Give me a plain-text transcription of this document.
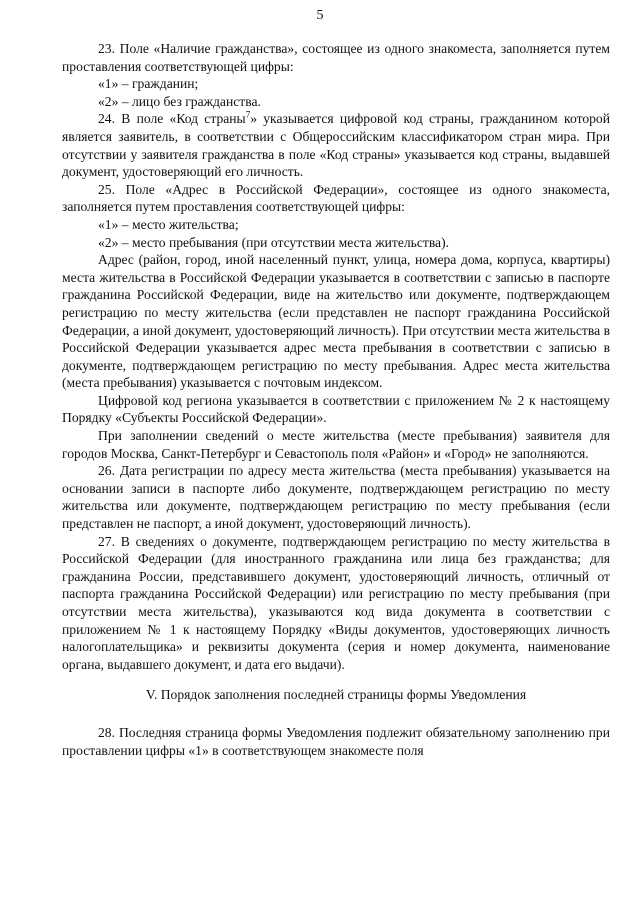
5

23. Поле «Наличие гражданства», состоящее из одного знакоместа, заполняется путем проставления соответствующей цифры:

«1» – гражданин;

«2» – лицо без гражданства.

24. В поле «Код страны$^7$» указывается цифровой код страны, гражданином которой является заявитель, в соответствии с Общероссийским классификатором стран мира. При отсутствии у заявителя гражданства в поле «Код страны» указывается код страны, выдавшей документ, удостоверяющий его личность.

25. Поле «Адрес в Российской Федерации», состоящее из одного знакоместа, заполняется путем проставления соответствующей цифры:

«1» – место жительства;

«2» – место пребывания (при отсутствии места жительства).

Адрес (район, город, иной населенный пункт, улица, номера дома, корпуса, квартиры) места жительства в Российской Федерации указывается в соответствии с записью в паспорте гражданина Российской Федерации, виде на жительство или документе, подтверждающем регистрацию по месту жительства (если представлен не паспорт гражданина Российской Федерации, а иной документ, удостоверяющий личность). При отсутствии места жительства в Российской Федерации указывается адрес места пребывания в соответствии с записью в документе, подтверждающем регистрацию по месту пребывания. Адрес места жительства (места пребывания) указывается с почтовым индексом.

Цифровой код региона указывается в соответствии с приложением № 2 к настоящему Порядку «Субъекты Российской Федерации».

При заполнении сведений о месте жительства (месте пребывания) заявителя для городов Москва, Санкт-Петербург и Севастополь поля «Район» и «Город» не заполняются.

26. Дата регистрации по адресу места жительства (места пребывания) указывается на основании записи в паспорте либо документе, подтверждающем регистрацию по месту жительства или документе, подтверждающем регистрацию по месту пребывания (если представлен не паспорт, а иной документ, удостоверяющий личность).

27. В сведениях о документе, подтверждающем регистрацию по месту жительства в Российской Федерации (для иностранного гражданина или лица без гражданства; для гражданина России, представившего документ, удостоверяющий личность, отличный от паспорта гражданина Российской Федерации) или регистрацию по месту пребывания (при отсутствии места жительства), указываются код вида документа в соответствии с приложением № 1 к настоящему Порядку «Виды документов, удостоверяющих личность налогоплательщика» и реквизиты документа (серия и номер документа, наименование органа, выдавшего документ, и дата его выдачи).

V. Порядок заполнения последней страницы формы Уведомления

28. Последняя страница формы Уведомления подлежит обязательному заполнению при проставлении цифры «1» в соответствующем знакоместе поля
